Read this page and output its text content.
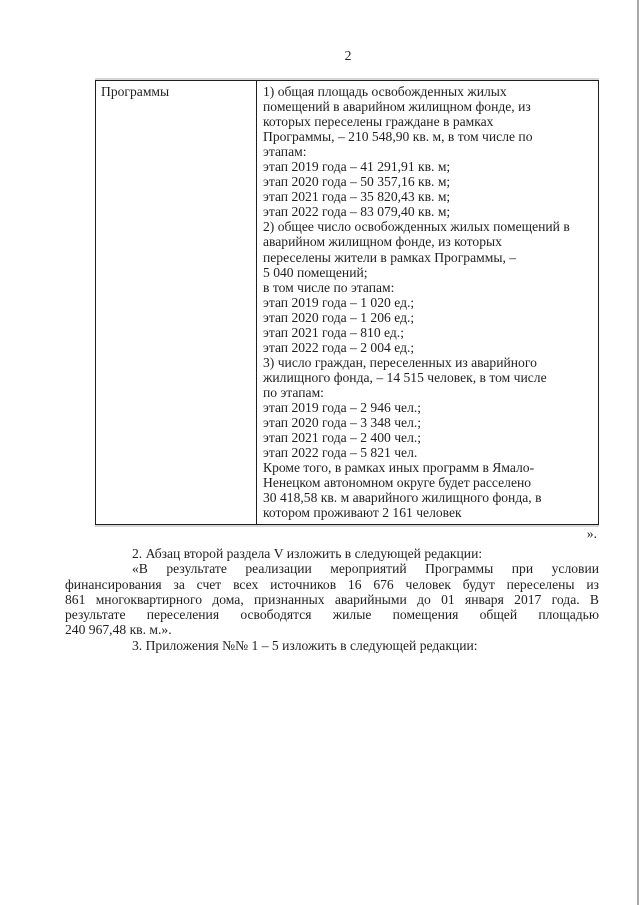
2
Программы	1) общая площадь освобожденных жилых
помещений в аварийном жилищном фонде, из
которых переселены граждане в рамках
Программы, – 210 548,90 кв. м, в том числе по
этапам:
этап 2019 года – 41 291,91 кв. м;
этап 2020 года – 50 357,16 кв. м;
этап 2021 года – 35 820,43 кв. м;
этап 2022 года – 83 079,40 кв. м;
2) общее число освобожденных жилых помещений в
аварийном жилищном фонде, из которых
переселены жители в рамках Программы, –
5 040 помещений;
в том числе по этапам:
этап 2019 года – 1 020 ед.;
этап 2020 года – 1 206 ед.;
этап 2021 года – 810 ед.;
этап 2022 года – 2 004 ед.;
3) число граждан, переселенных из аварийного
жилищного фонда, – 14 515 человек, в том числе
по этапам:
этап 2019 года – 2 946 чел.;
этап 2020 года – 3 348 чел.;
этап 2021 года – 2 400 чел.;
этап 2022 года – 5 821 чел.
Кроме того, в рамках иных программ в Ямало-
Ненецком автономном округе будет расселено
30 418,58 кв. м аварийного жилищного фонда, в
котором проживают 2 161 человек
».
2. Абзац второй раздела V изложить в следующей редакции:
«В результате реализации мероприятий Программы при условии
финансирования за счет всех источников 16 676 человек будут переселены из
861 многоквартирного дома, признанных аварийными до 01 января 2017 года. В
результате переселения освободятся жилые помещения общей площадью
240 967,48 кв. м.».
3. Приложения №№ 1 – 5 изложить в следующей редакции:
